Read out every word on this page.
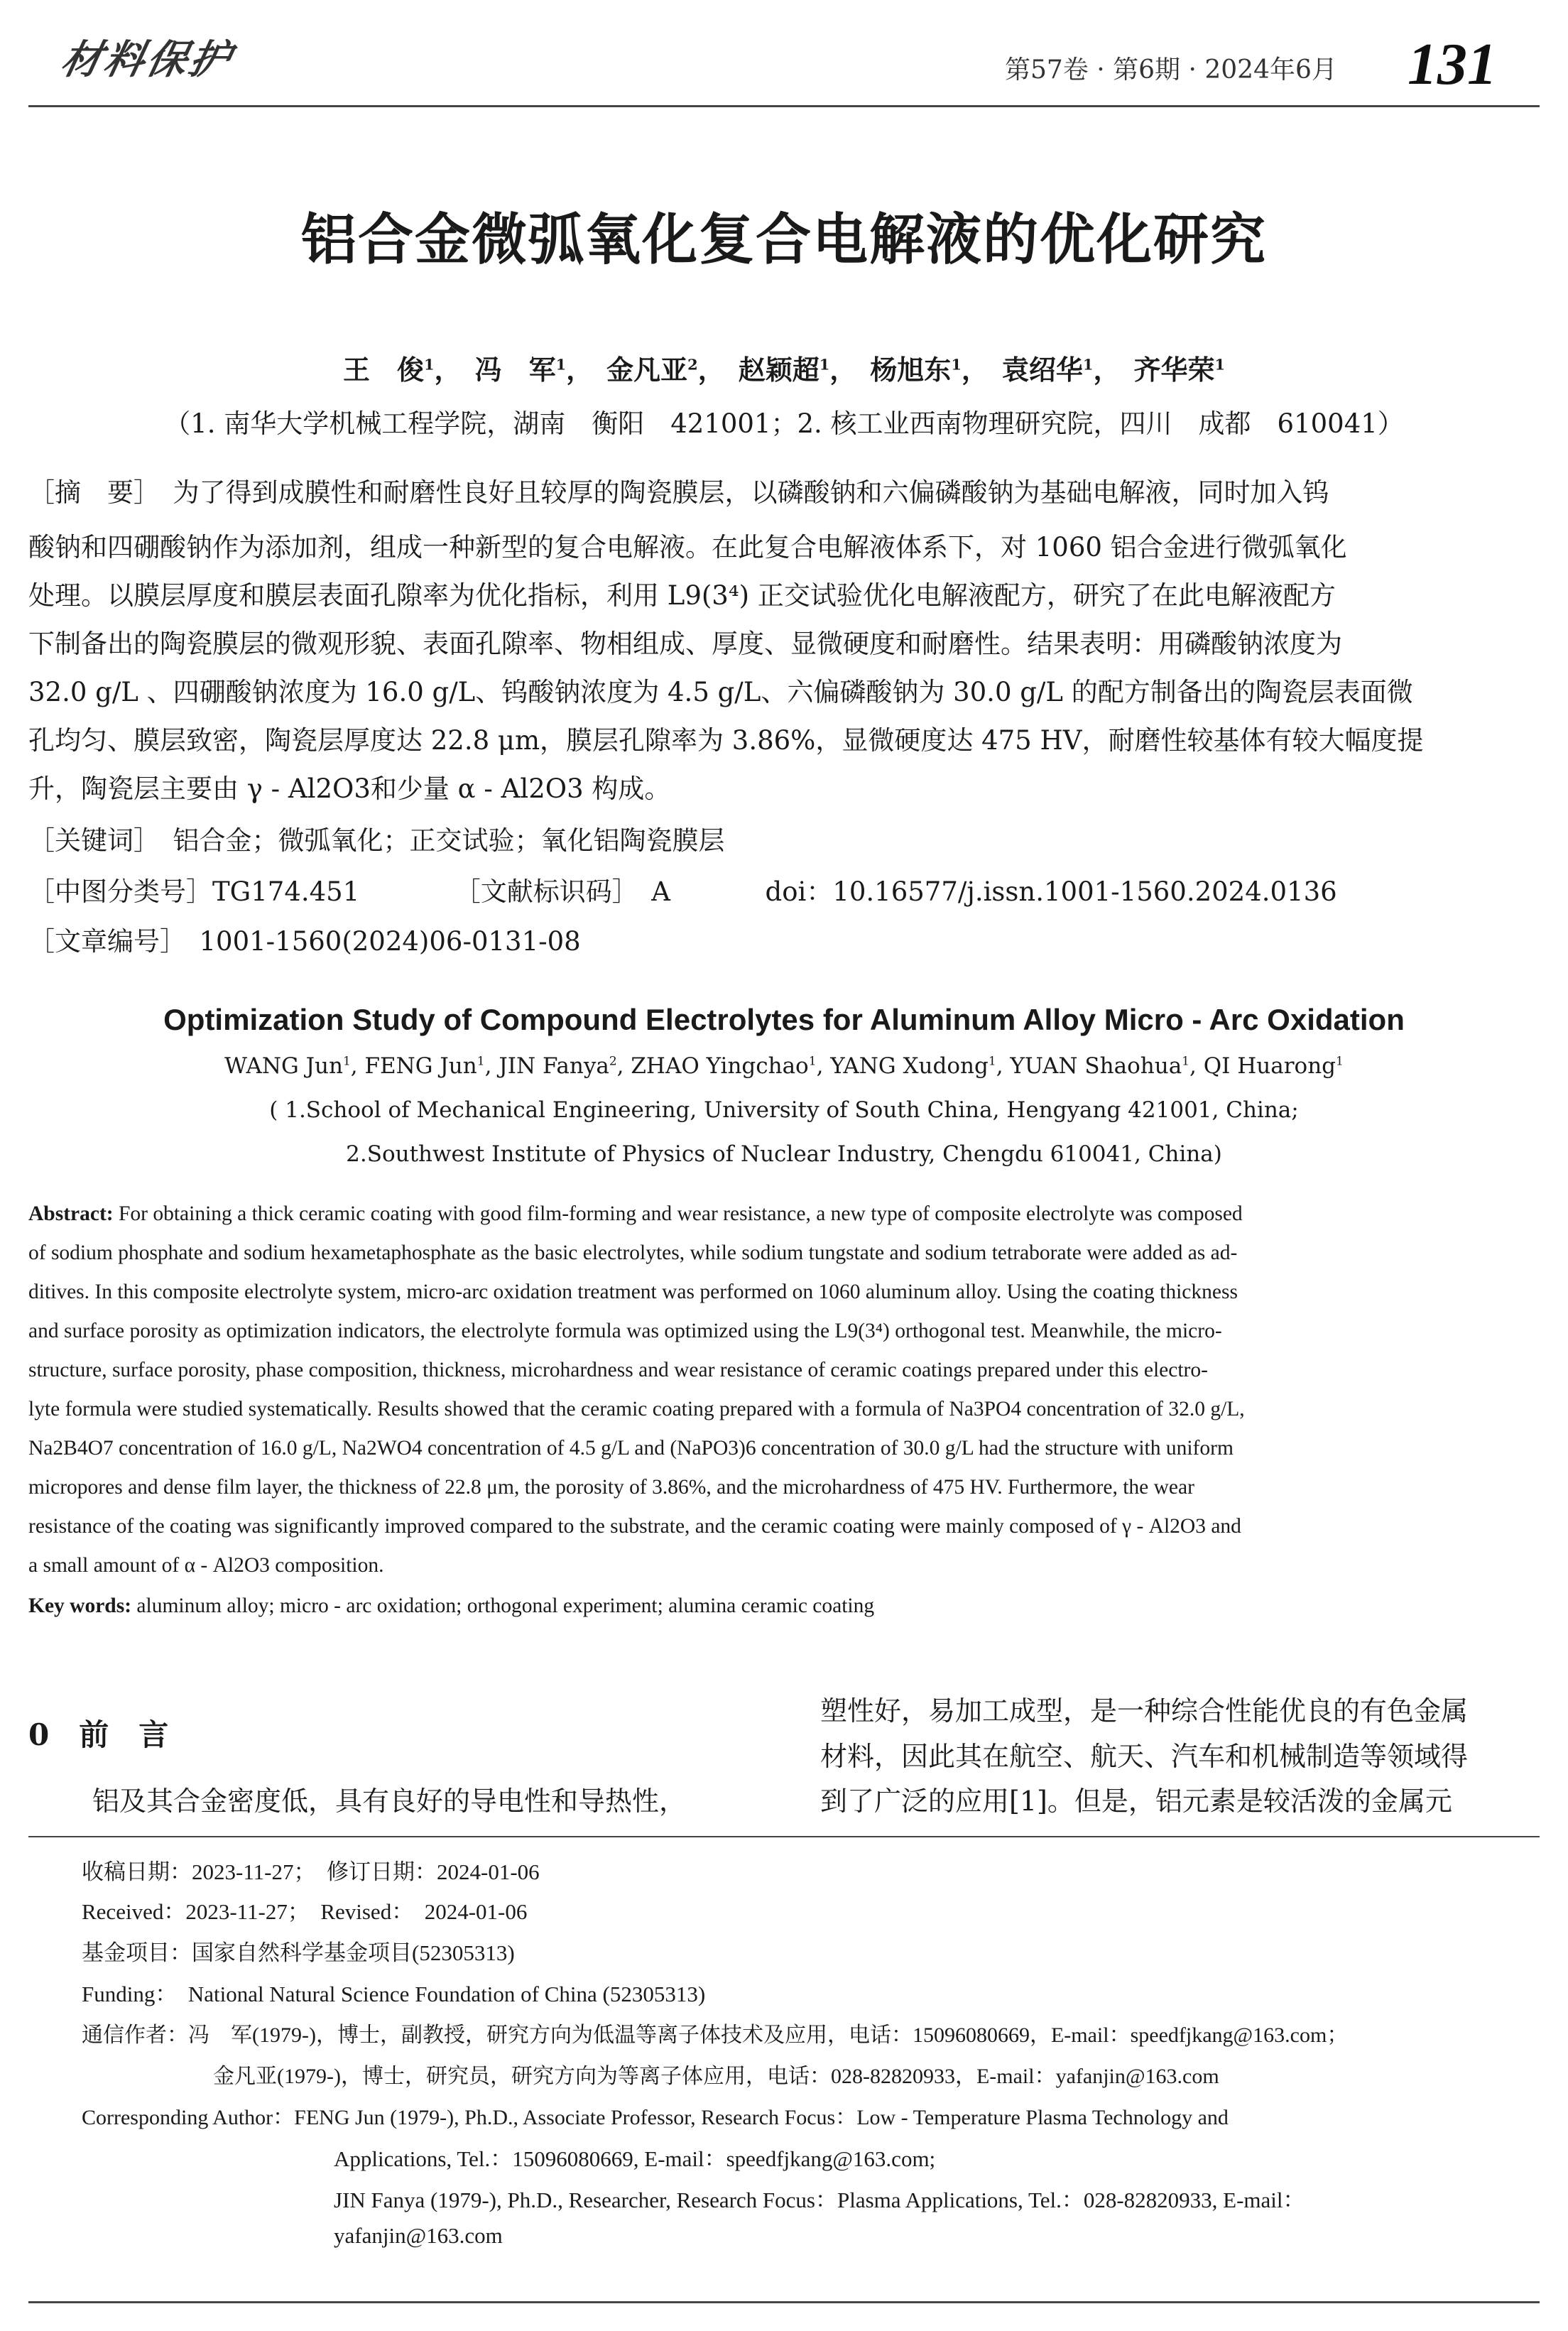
材料保护	第57卷 · 第6期 · 2024年6月 131
铝合金微弧氧化复合电解液的优化研究
王　俊$^1$，　冯　军$^1$，　金凡亚$^2$，　赵颖超$^1$，　杨旭东$^1$，　袁绍华$^1$，　齐华荣$^1$
（1. 南华大学机械工程学院，湖南　衡阳　421001；2. 核工业西南物理研究院，四川　成都　610041）
［摘　要］　 为了得到成膜性和耐磨性良好且较厚的陶瓷膜层，以磷酸钠和六偏磷酸钠为基础电解液，同时加入钨
酸钠和四硼酸钠作为添加剂，组成一种新型的复合电解液。在此复合电解液体系下，对 1060 铝合金进行微弧氧化
处理。以膜层厚度和膜层表面孔隙率为优化指标，利用 L9(3⁴) 正交试验优化电解液配方，研究了在此电解液配方
下制备出的陶瓷膜层的微观形貌、表面孔隙率、物相组成、厚度、显微硬度和耐磨性。结果表明：用磷酸钠浓度为
32.0 g/L 、四硼酸钠浓度为 16.0 g/L、钨酸钠浓度为 4.5 g/L、六偏磷酸钠为 30.0 g/L 的配方制备出的陶瓷层表面微
孔均匀、膜层致密，陶瓷层厚度达 22.8 μm，膜层孔隙率为 3.86%，显微硬度达 475 HV，耐磨性较基体有较大幅度提
升，陶瓷层主要由 γ - Al2O3和少量 α - Al2O3 构成。
［关键词］　 铝合金；微弧氧化；正交试验；氧化铝陶瓷膜层
［中图分类号］TG174.451	［文献标识码］　 A	doi：10.16577/j.issn.1001-1560.2024.0136
［文章编号］　 1001-1560(2024)06-0131-08
Optimization Study of Compound Electrolytes for Aluminum Alloy Micro - Arc Oxidation
WANG Jun$^1$, FENG Jun$^1$, JIN Fanya$^2$, ZHAO Yingchao$^1$, YANG Xudong$^1$, YUAN Shaohua$^1$, QI Huarong$^1$
( 1.School of Mechanical Engineering, University of South China, Hengyang 421001, China;
2.Southwest Institute of Physics of Nuclear Industry, Chengdu 610041, China)
Abstract: For obtaining a thick ceramic coating with good film-forming and wear resistance, a new type of composite electrolyte was composed
of sodium phosphate and sodium hexametaphosphate as the basic electrolytes, while sodium tungstate and sodium tetraborate were added as ad-
ditives. In this composite electrolyte system, micro-arc oxidation treatment was performed on 1060 aluminum alloy. Using the coating thickness
and surface porosity as optimization indicators, the electrolyte formula was optimized using the L9(3⁴) orthogonal test. Meanwhile, the micro-
structure, surface porosity, phase composition, thickness, microhardness and wear resistance of ceramic coatings prepared under this electro-
lyte formula were studied systematically. Results showed that the ceramic coating prepared with a formula of Na3PO4 concentration of 32.0 g/L,
Na2B4O7 concentration of 16.0 g/L, Na2WO4 concentration of 4.5 g/L and (NaPO3)6 concentration of 30.0 g/L had the structure with uniform
micropores and dense film layer, the thickness of 22.8 μm, the porosity of 3.86%, and the microhardness of 475 HV. Furthermore, the wear
resistance of the coating was significantly improved compared to the substrate, and the ceramic coating were mainly composed of γ - Al2O3 and
a small amount of α - Al2O3 composition.
Key words: aluminum alloy; micro - arc oxidation; orthogonal experiment; alumina ceramic coating
0　前　言
铝及其合金密度低，具有良好的导电性和导热性，
塑性好，易加工成型，是一种综合性能优良的有色金属
材料，因此其在航空、航天、汽车和机械制造等领域得
到了广泛的应用[1]。但是，铝元素是较活泼的金属元
收稿日期：2023-11-27；　修订日期：2024-01-06
Received：2023-11-27；　Revised：　2024-01-06
基金项目：国家自然科学基金项目(52305313)
Funding：　National Natural Science Foundation of China (52305313)
通信作者：冯　军(1979-)，博士，副教授，研究方向为低温等离子体技术及应用，电话：15096080669，E-mail：speedfjkang@163.com；
金凡亚(1979-)，博士，研究员，研究方向为等离子体应用，电话：028-82820933，E-mail：yafanjin@163.com
Corresponding Author：FENG Jun (1979-), Ph.D., Associate Professor, Research Focus：Low - Temperature Plasma Technology and
Applications, Tel.：15096080669, E-mail：speedfjkang@163.com;
JIN Fanya (1979-), Ph.D., Researcher, Research Focus：Plasma Applications, Tel.：028-82820933, E-mail：
yafanjin@163.com
